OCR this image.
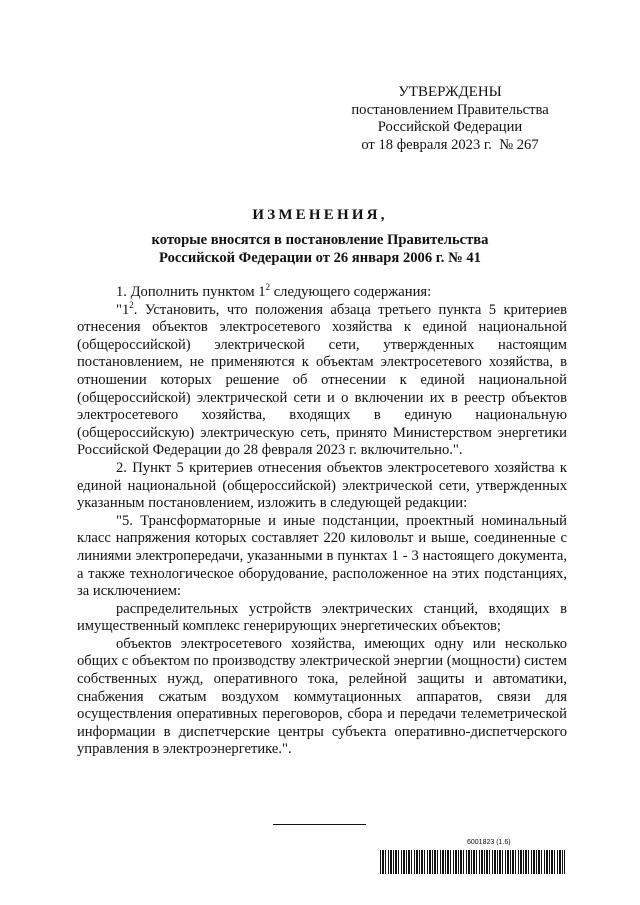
УТВЕРЖДЕНЫ
постановлением Правительства
Российской Федерации
от 18 февраля 2023 г.  № 267
ИЗМЕНЕНИЯ,
которые вносятся в постановление Правительства
Российской Федерации от 26 января 2006 г. № 41

1. Дополнить пунктом $1^2$ следующего содержания:

"$1^2$. Установить, что положения абзаца третьего пункта 5 критериев отнесения объектов электросетевого хозяйства к единой национальной (общероссийской) электрической сети, утвержденных настоящим постановлением, не применяются к объектам электросетевого хозяйства, в отношении которых решение об отнесении к единой национальной (общероссийской) электрической сети и о включении их в реестр объектов электросетевого хозяйства, входящих в единую национальную (общероссийскую) электрическую сеть, принято Министерством энергетики Российской Федерации до 28 февраля 2023 г. включительно.".

2. Пункт 5 критериев отнесения объектов электросетевого хозяйства к единой национальной (общероссийской) электрической сети, утвержденных указанным постановлением, изложить в следующей редакции:

"5. Трансформаторные и иные подстанции, проектный номинальный класс напряжения которых составляет 220 киловольт и выше, соединенные с линиями электропередачи, указанными в пунктах 1 - 3 настоящего документа, а также технологическое оборудование, расположенное на этих подстанциях, за исключением:

распределительных устройств электрических станций, входящих в имущественный комплекс генерирующих энергетических объектов;

объектов электросетевого хозяйства, имеющих одну или несколько общих с объектом по производству электрической энергии (мощности) систем собственных нужд, оперативного тока, релейной защиты и автоматики, снабжения сжатым воздухом коммутационных аппаратов, связи для осуществления оперативных переговоров, сбора и передачи телеметрической информации в диспетчерские центры субъекта оперативно-диспетчерского управления в электроэнергетике.".

6001823 (1.6)
